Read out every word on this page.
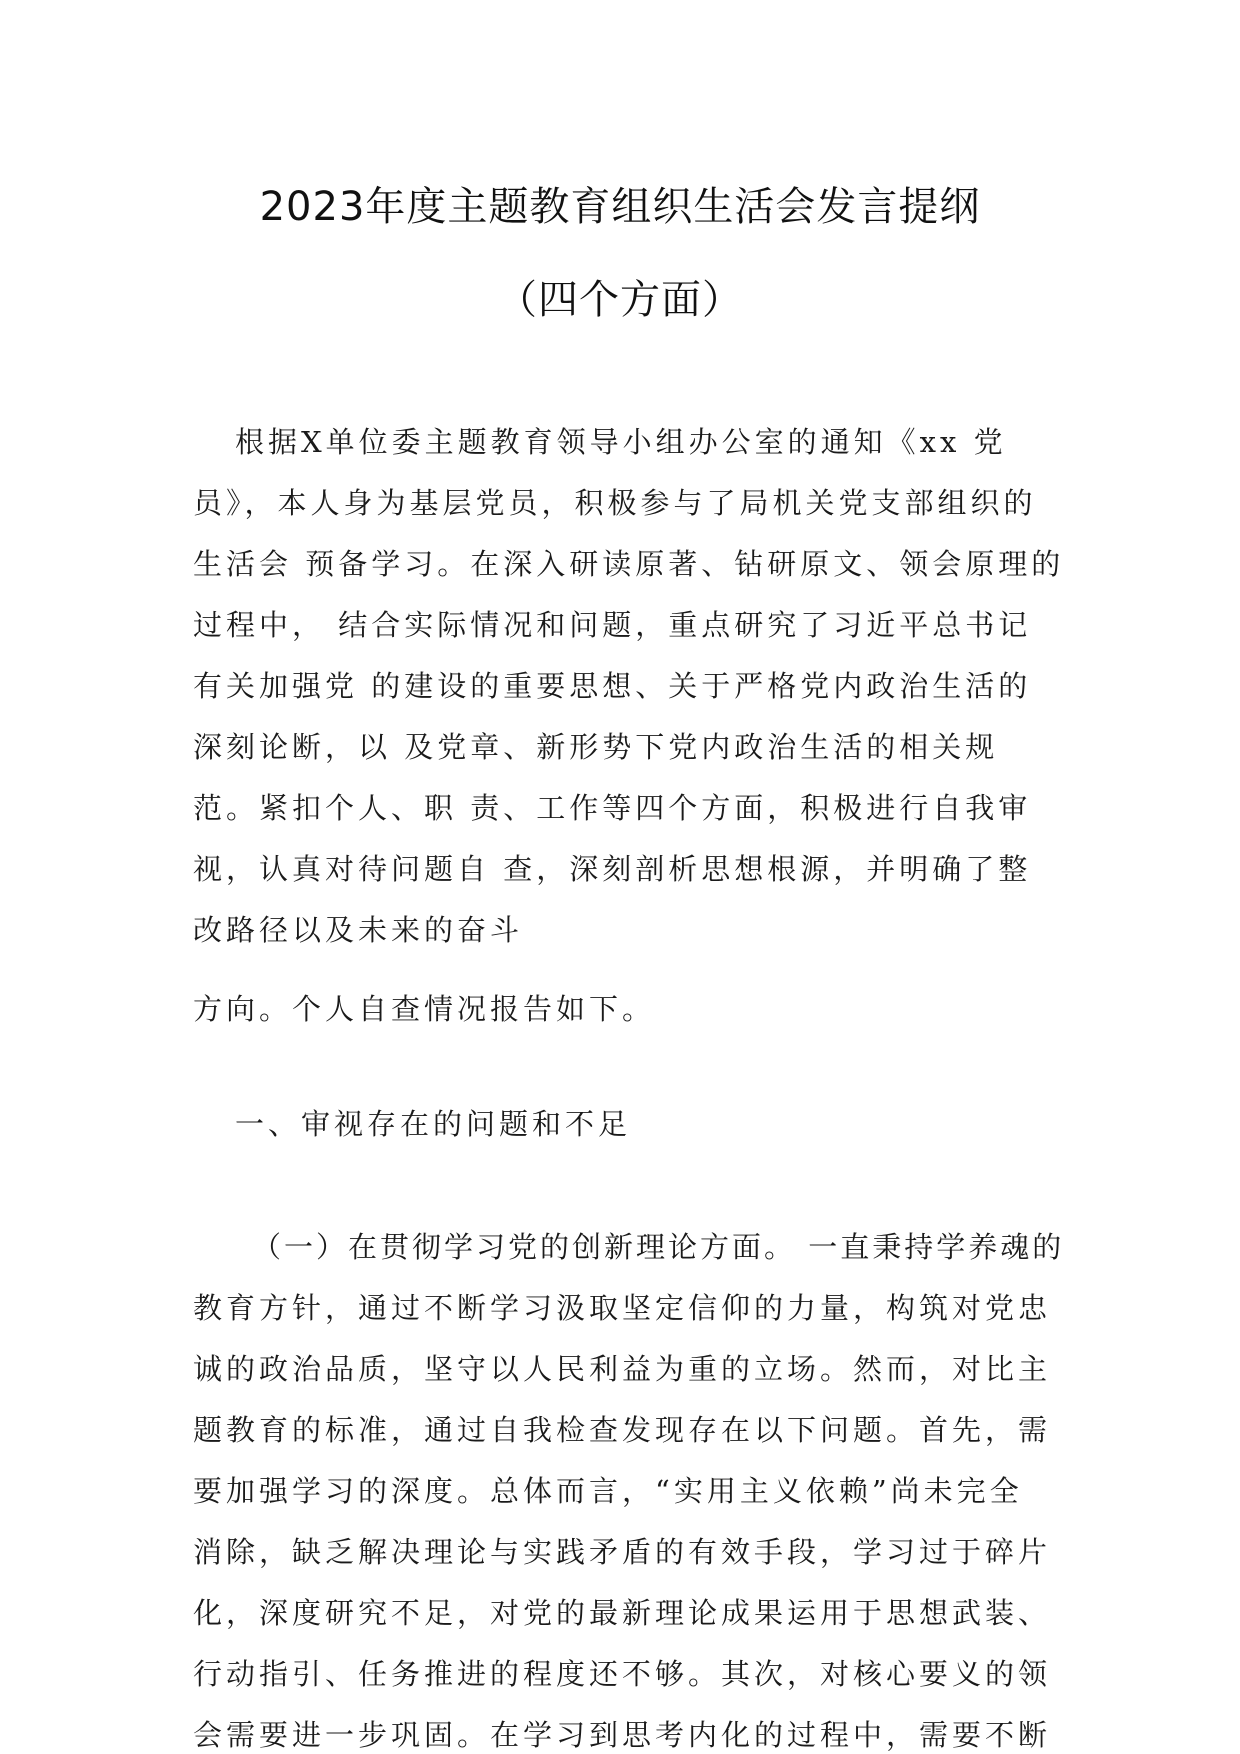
2023年度主题教育组织生活会发言提纲
（四个方面）
根据X单位委主题教育领导小组办公室的通知《xx 党
员》，本人身为基层党员，积极参与了局机关党支部组织的
生活会 预备学习。在深入研读原著、钻研原文、领会原理的
过程中， 结合实际情况和问题，重点研究了习近平总书记
有关加强党 的建设的重要思想、关于严格党内政治生活的
深刻论断，以 及党章、新形势下党内政治生活的相关规
范。紧扣个人、职 责、工作等四个方面，积极进行自我审
视，认真对待问题自 查，深刻剖析思想根源，并明确了整
改路径以及未来的奋斗
方向。个人自查情况报告如下。
一、审视存在的问题和不足
（一）在贯彻学习党的创新理论方面。 一直秉持学养魂的
教育方针，通过不断学习汲取坚定信仰的力量，构筑对党忠
诚的政治品质，坚守以人民利益为重的立场。然而，对比主
题教育的标准，通过自我检查发现存在以下问题。首先，需
要加强学习的深度。总体而言，“实用主义依赖”尚未完全
消除，缺乏解决理论与实践矛盾的有效手段，学习过于碎片
化，深度研究不足，对党的最新理论成果运用于思想武装、
行动指引、任务推进的程度还不够。其次，对核心要义的领
会需要进一步巩固。在学习到思考内化的过程中，需要不断
